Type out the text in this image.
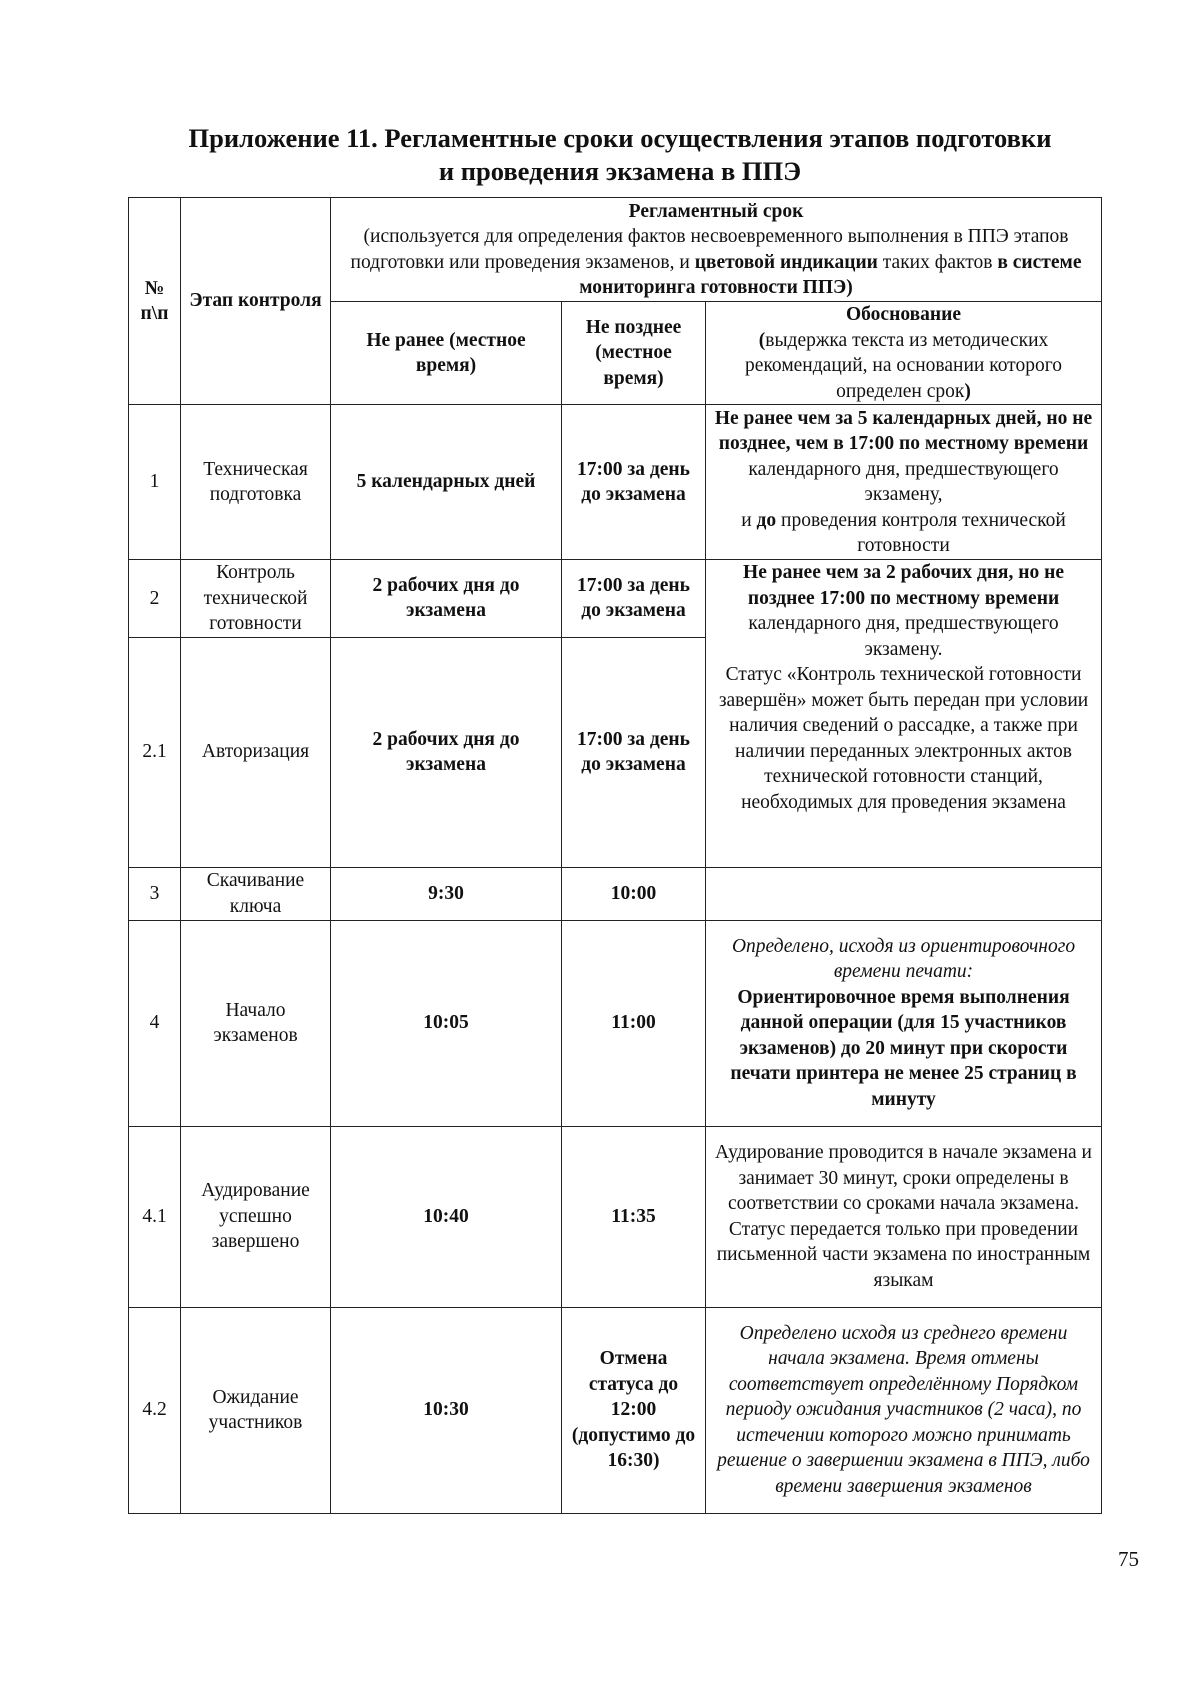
Приложение 11. Регламентные сроки осуществления этапов подготовки
и проведения экзамена в ППЭ
№ п\п	Этап контроля	Регламентный срок
(используется для определения фактов несвоевременного выполнения в ППЭ этапов подготовки или проведения экзаменов, и цветовой индикации таких фактов в системе мониторинга готовности ППЭ)		

		Не ранее (местное время)	Не позднее (местное время)	Обоснование
(выдержка текста из методических рекомендаций, на основании которого определен срок)

1	Техническая подготовка	5 календарных дней	17:00 за день до экзамена	Не ранее чем за 5 календарных дней, но не позднее, чем в 17:00 по местному времени календарного дня, предшествующего экзамену,
и до проведения контроля технической готовности
2	Контроль технической готовности	2 рабочих дня до экзамена	17:00 за день до экзамена	Не ранее чем за 2 рабочих дня, но не позднее 17:00 по местному времени календарного дня, предшествующего экзамену.
Статус «Контроль технической готовности завершён» может быть передан при условии наличия сведений о рассадке, а также при наличии переданных электронных актов технической готовности станций, необходимых для проведения экзамена
2.1	Авторизация	2 рабочих дня до экзамена	17:00 за день до экзамена	
3	Скачивание ключа	9:30	10:00	
4	Начало экзаменов	10:05	11:00	Определено, исходя из ориентировочного времени печати:
Ориентировочное время выполнения данной операции (для 15 участников экзаменов) до 20 минут при скорости печати принтера не менее 25 страниц в минуту
4.1	Аудирование успешно завершено	10:40	11:35	Аудирование проводится в начале экзамена и занимает 30 минут, сроки определены в соответствии со сроками начала экзамена.
Статус передается только при проведении письменной части экзамена по иностранным языкам
4.2	Ожидание участников	10:30	Отмена статуса до 12:00 (допустимо до 16:30)	Определено исходя из среднего времени начала экзамена. Время отмены соответствует определённому Порядком периоду ожидания участников (2 часа), по истечении которого можно принимать решение о завершении экзамена в ППЭ, либо времени завершения экзаменов
75
